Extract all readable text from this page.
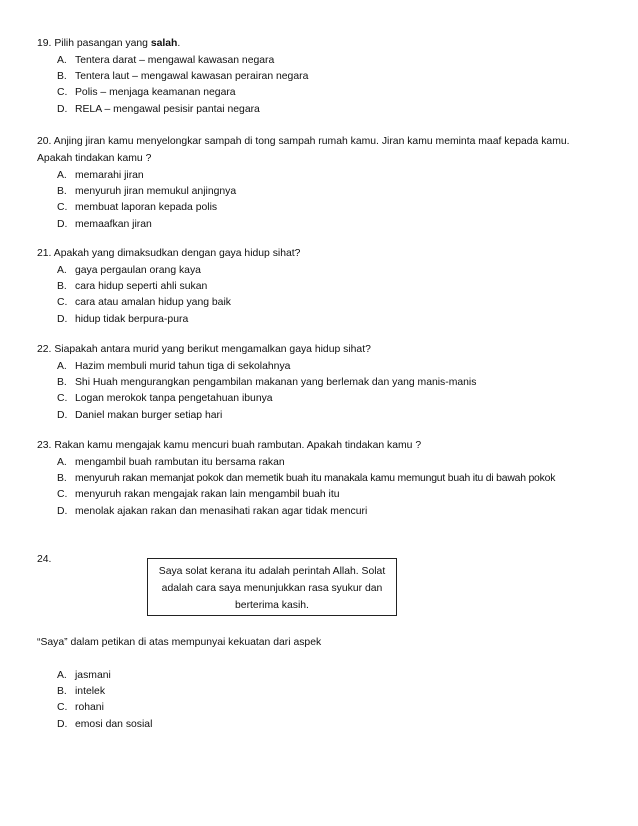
19. Pilih pasangan yang salah.
A. Tentera darat – mengawal kawasan negara
B. Tentera laut – mengawal kawasan perairan negara
C. Polis – menjaga keamanan negara
D. RELA – mengawal pesisir pantai negara
20. Anjing jiran kamu menyelongkar sampah di tong sampah rumah kamu. Jiran kamu meminta maaf kepada kamu. Apakah tindakan kamu ?
A. memarahi jiran
B. menyuruh jiran memukul anjingnya
C. membuat laporan kepada polis
D. memaafkan jiran
21. Apakah yang dimaksudkan dengan gaya hidup sihat?
A. gaya pergaulan orang kaya
B. cara hidup seperti ahli sukan
C. cara atau amalan hidup yang baik
D. hidup tidak berpura-pura
22. Siapakah antara murid yang berikut mengamalkan gaya hidup sihat?
A. Hazim membuli murid tahun tiga di sekolahnya
B. Shi Huah mengurangkan pengambilan makanan yang berlemak dan yang manis-manis
C. Logan merokok tanpa pengetahuan ibunya
D. Daniel makan burger setiap hari
23. Rakan kamu mengajak kamu mencuri buah rambutan. Apakah tindakan kamu ?
A. mengambil buah rambutan itu bersama rakan
B. menyuruh rakan memanjat pokok dan memetik buah itu manakala kamu memungut buah itu di bawah pokok
C. menyuruh rakan mengajak rakan lain mengambil buah itu
D. menolak ajakan rakan dan menasihati rakan agar tidak mencuri
24.
Saya solat kerana itu adalah perintah Allah. Solat adalah cara saya menunjukkan rasa syukur dan berterima kasih.
“Saya” dalam petikan di atas mempunyai kekuatan dari aspek
A. jasmani
B. intelek
C. rohani
D. emosi dan sosial
